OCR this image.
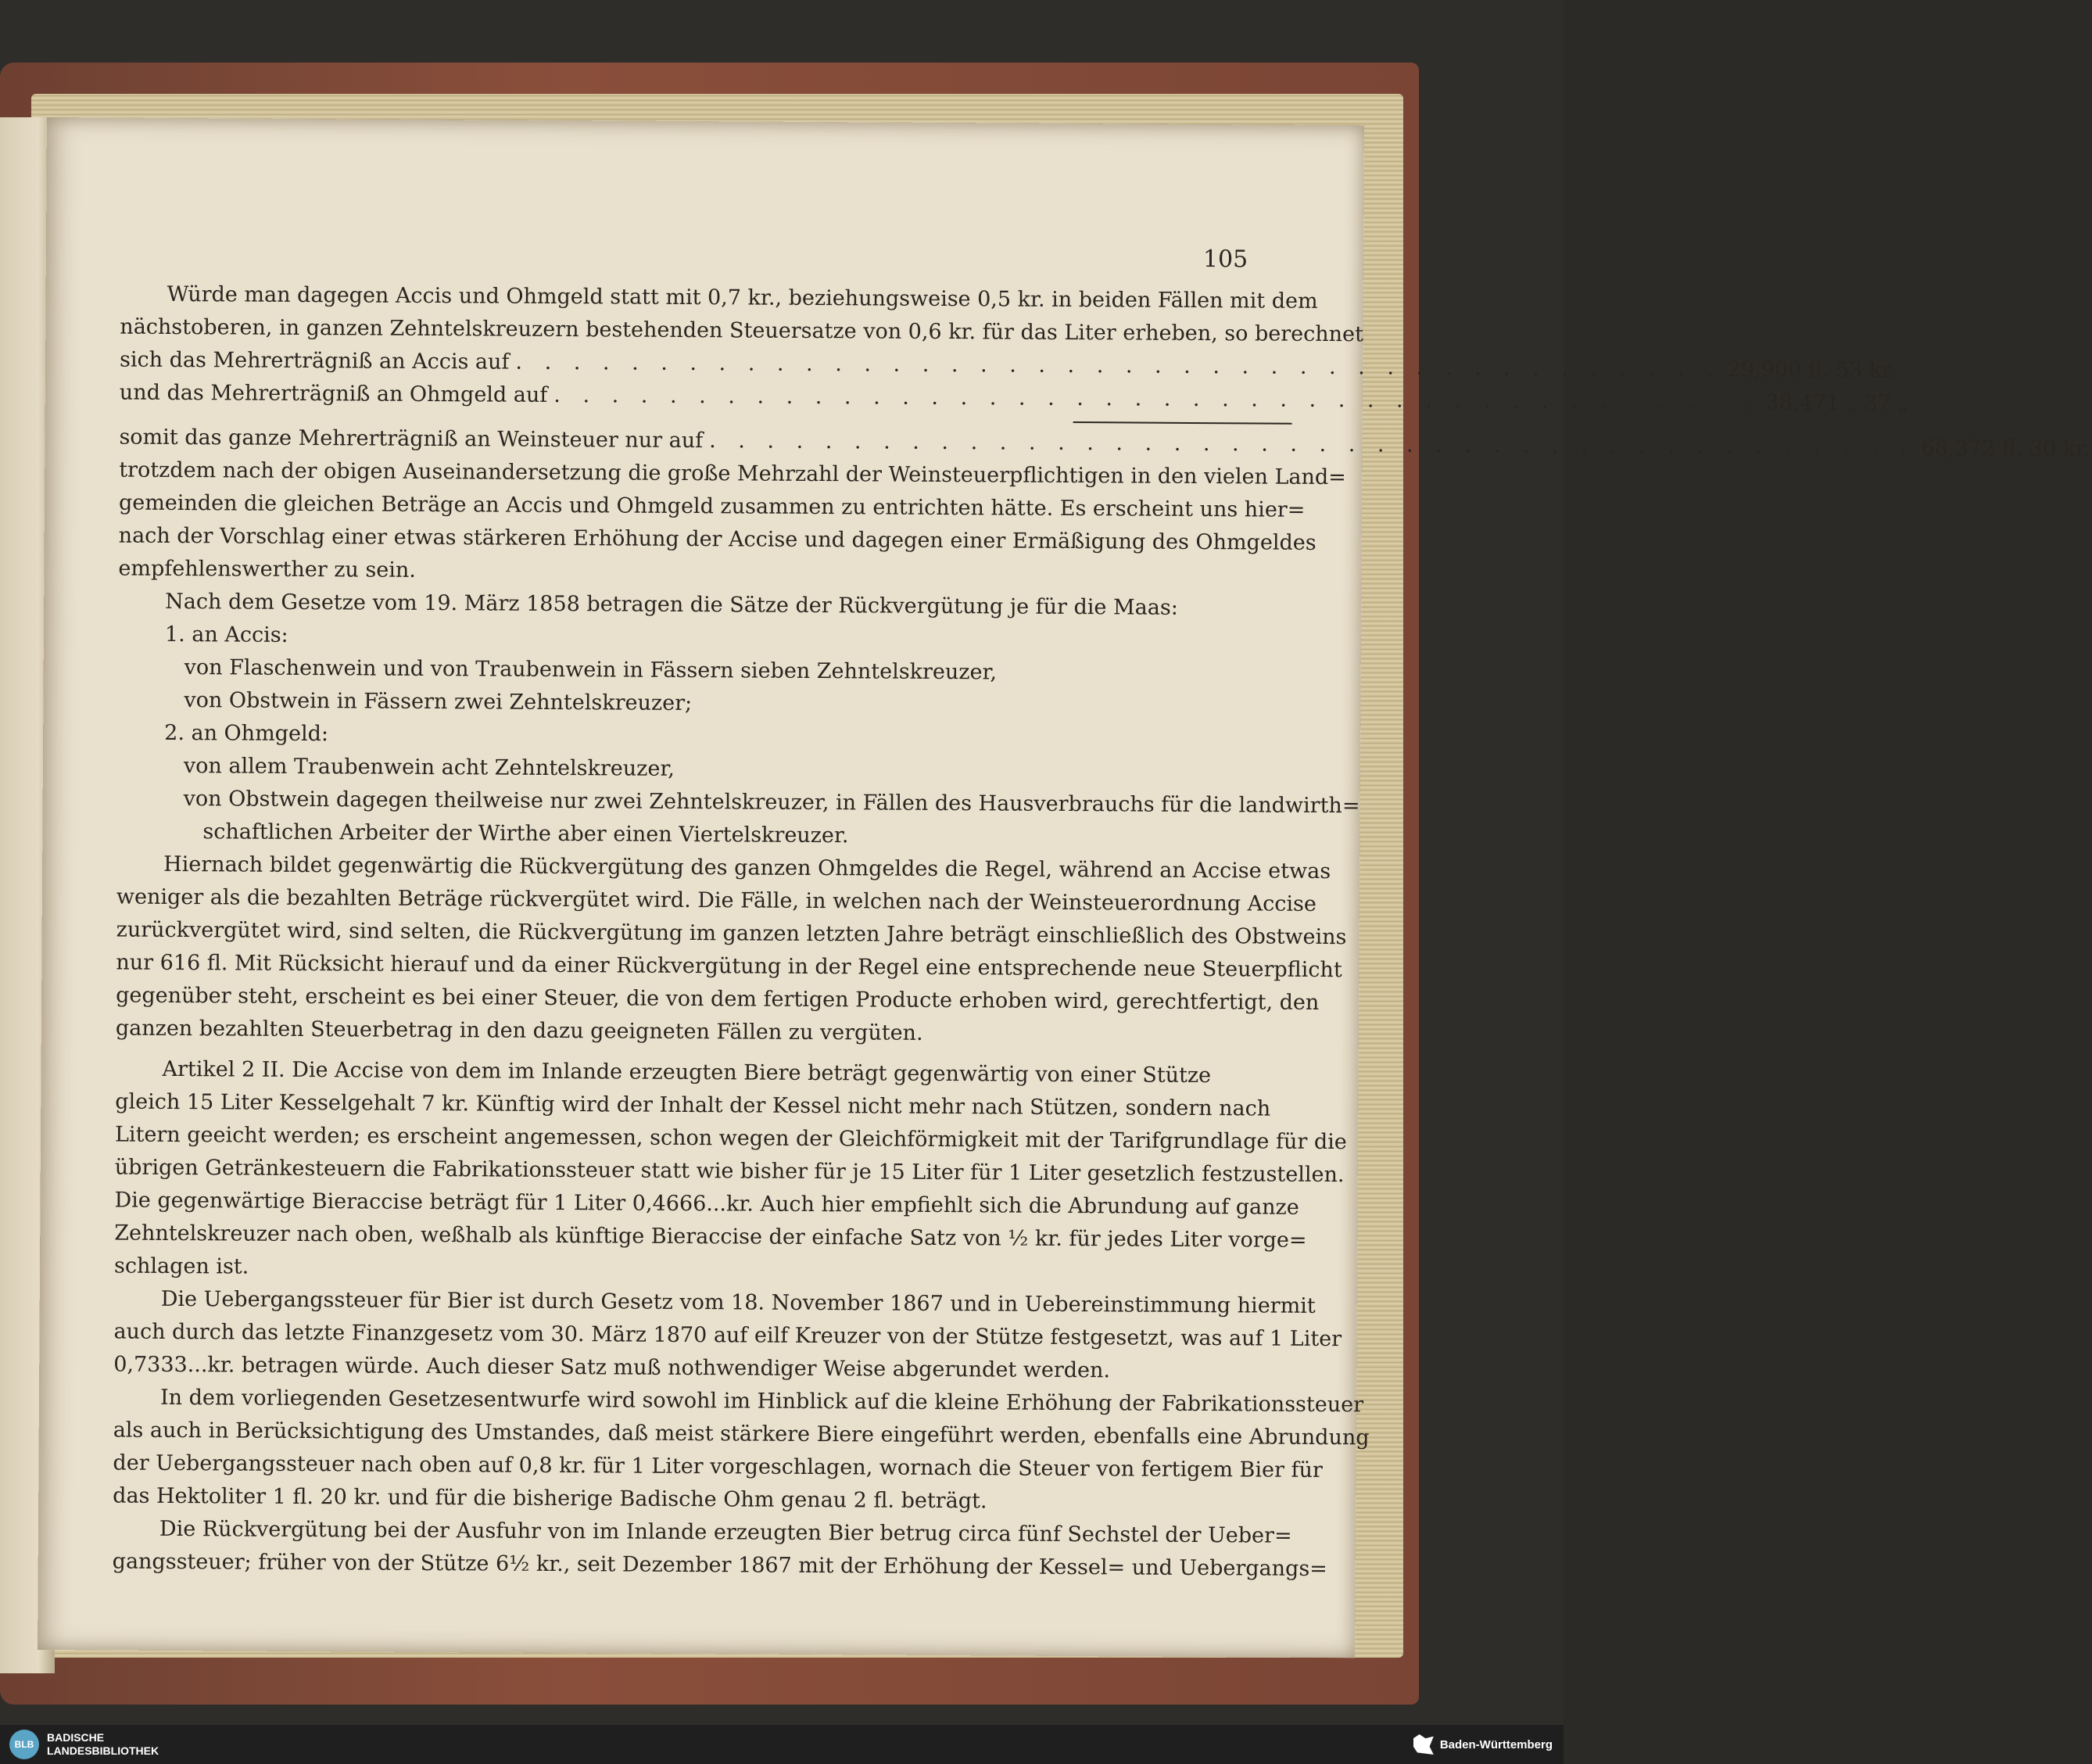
105
Würde man dagegen Accis und Ohmgeld statt mit 0,7 kr., beziehungsweise 0,5 kr. in beiden Fällen mit dem
nächstoberen, in ganzen Zehntelskreuzern bestehenden Steuersatze von 0,6 kr. für das Liter erheben, so berechnet
sich das Mehrerträgniß an Accis auf . . . . . . . . . . . . . . . . . . . . . . . . . . . . . . . . . . . . . . . . . . 29,900 fl. 53 kr.
und das Mehrerträgniß an Ohmgeld auf . . . . . . . . . . . . . . . . . . . . . . . . . . . . . . . . . . . . . . . . . . 38,471 „ 37 „
somit das ganze Mehrerträgniß an Weinsteuer nur auf . . . . . . . . . . . . . . . . . . . . . . . . . . . . . . . . . . . . . . . . . . 68,372 fl. 30 kr.
trotzdem nach der obigen Auseinandersetzung die große Mehrzahl der Weinsteuerpflichtigen in den vielen Land=
gemeinden die gleichen Beträge an Accis und Ohmgeld zusammen zu entrichten hätte. Es erscheint uns hier=
nach der Vorschlag einer etwas stärkeren Erhöhung der Accise und dagegen einer Ermäßigung des Ohmgeldes
empfehlenswerther zu sein.
Nach dem Gesetze vom 19. März 1858 betragen die Sätze der Rückvergütung je für die Maas:
1. an Accis:
von Flaschenwein und von Traubenwein in Fässern sieben Zehntelskreuzer,
von Obstwein in Fässern zwei Zehntelskreuzer;
2. an Ohmgeld:
von allem Traubenwein acht Zehntelskreuzer,
von Obstwein dagegen theilweise nur zwei Zehntelskreuzer, in Fällen des Hausverbrauchs für die landwirth=
schaftlichen Arbeiter der Wirthe aber einen Viertelskreuzer.
Hiernach bildet gegenwärtig die Rückvergütung des ganzen Ohmgeldes die Regel, während an Accise etwas
weniger als die bezahlten Beträge rückvergütet wird. Die Fälle, in welchen nach der Weinsteuerordnung Accise
zurückvergütet wird, sind selten, die Rückvergütung im ganzen letzten Jahre beträgt einschließlich des Obstweins
nur 616 fl. Mit Rücksicht hierauf und da einer Rückvergütung in der Regel eine entsprechende neue Steuerpflicht
gegenüber steht, erscheint es bei einer Steuer, die von dem fertigen Producte erhoben wird, gerechtfertigt, den
ganzen bezahlten Steuerbetrag in den dazu geeigneten Fällen zu vergüten.
Artikel 2 II. Die Accise von dem im Inlande erzeugten Biere beträgt gegenwärtig von einer Stütze
gleich 15 Liter Kesselgehalt 7 kr. Künftig wird der Inhalt der Kessel nicht mehr nach Stützen, sondern nach
Litern geeicht werden; es erscheint angemessen, schon wegen der Gleichförmigkeit mit der Tarifgrundlage für die
übrigen Getränkesteuern die Fabrikationssteuer statt wie bisher für je 15 Liter für 1 Liter gesetzlich festzustellen.
Die gegenwärtige Bieraccise beträgt für 1 Liter 0,4666...kr. Auch hier empfiehlt sich die Abrundung auf ganze
Zehntelskreuzer nach oben, weßhalb als künftige Bieraccise der einfache Satz von ½ kr. für jedes Liter vorge=
schlagen ist.
Die Uebergangssteuer für Bier ist durch Gesetz vom 18. November 1867 und in Uebereinstimmung hiermit
auch durch das letzte Finanzgesetz vom 30. März 1870 auf eilf Kreuzer von der Stütze festgesetzt, was auf 1 Liter
0,7333...kr. betragen würde. Auch dieser Satz muß nothwendiger Weise abgerundet werden.
In dem vorliegenden Gesetzesentwurfe wird sowohl im Hinblick auf die kleine Erhöhung der Fabrikationssteuer
als auch in Berücksichtigung des Umstandes, daß meist stärkere Biere eingeführt werden, ebenfalls eine Abrundung
der Uebergangssteuer nach oben auf 0,8 kr. für 1 Liter vorgeschlagen, wornach die Steuer von fertigem Bier für
das Hektoliter 1 fl. 20 kr. und für die bisherige Badische Ohm genau 2 fl. beträgt.
Die Rückvergütung bei der Ausfuhr von im Inlande erzeugten Bier betrug circa fünf Sechstel der Ueber=
gangssteuer; früher von der Stütze 6½ kr., seit Dezember 1867 mit der Erhöhung der Kessel= und Uebergangs=
BLB
BADISCHE
LANDESBIBLIOTHEK	Baden-Württemberg
